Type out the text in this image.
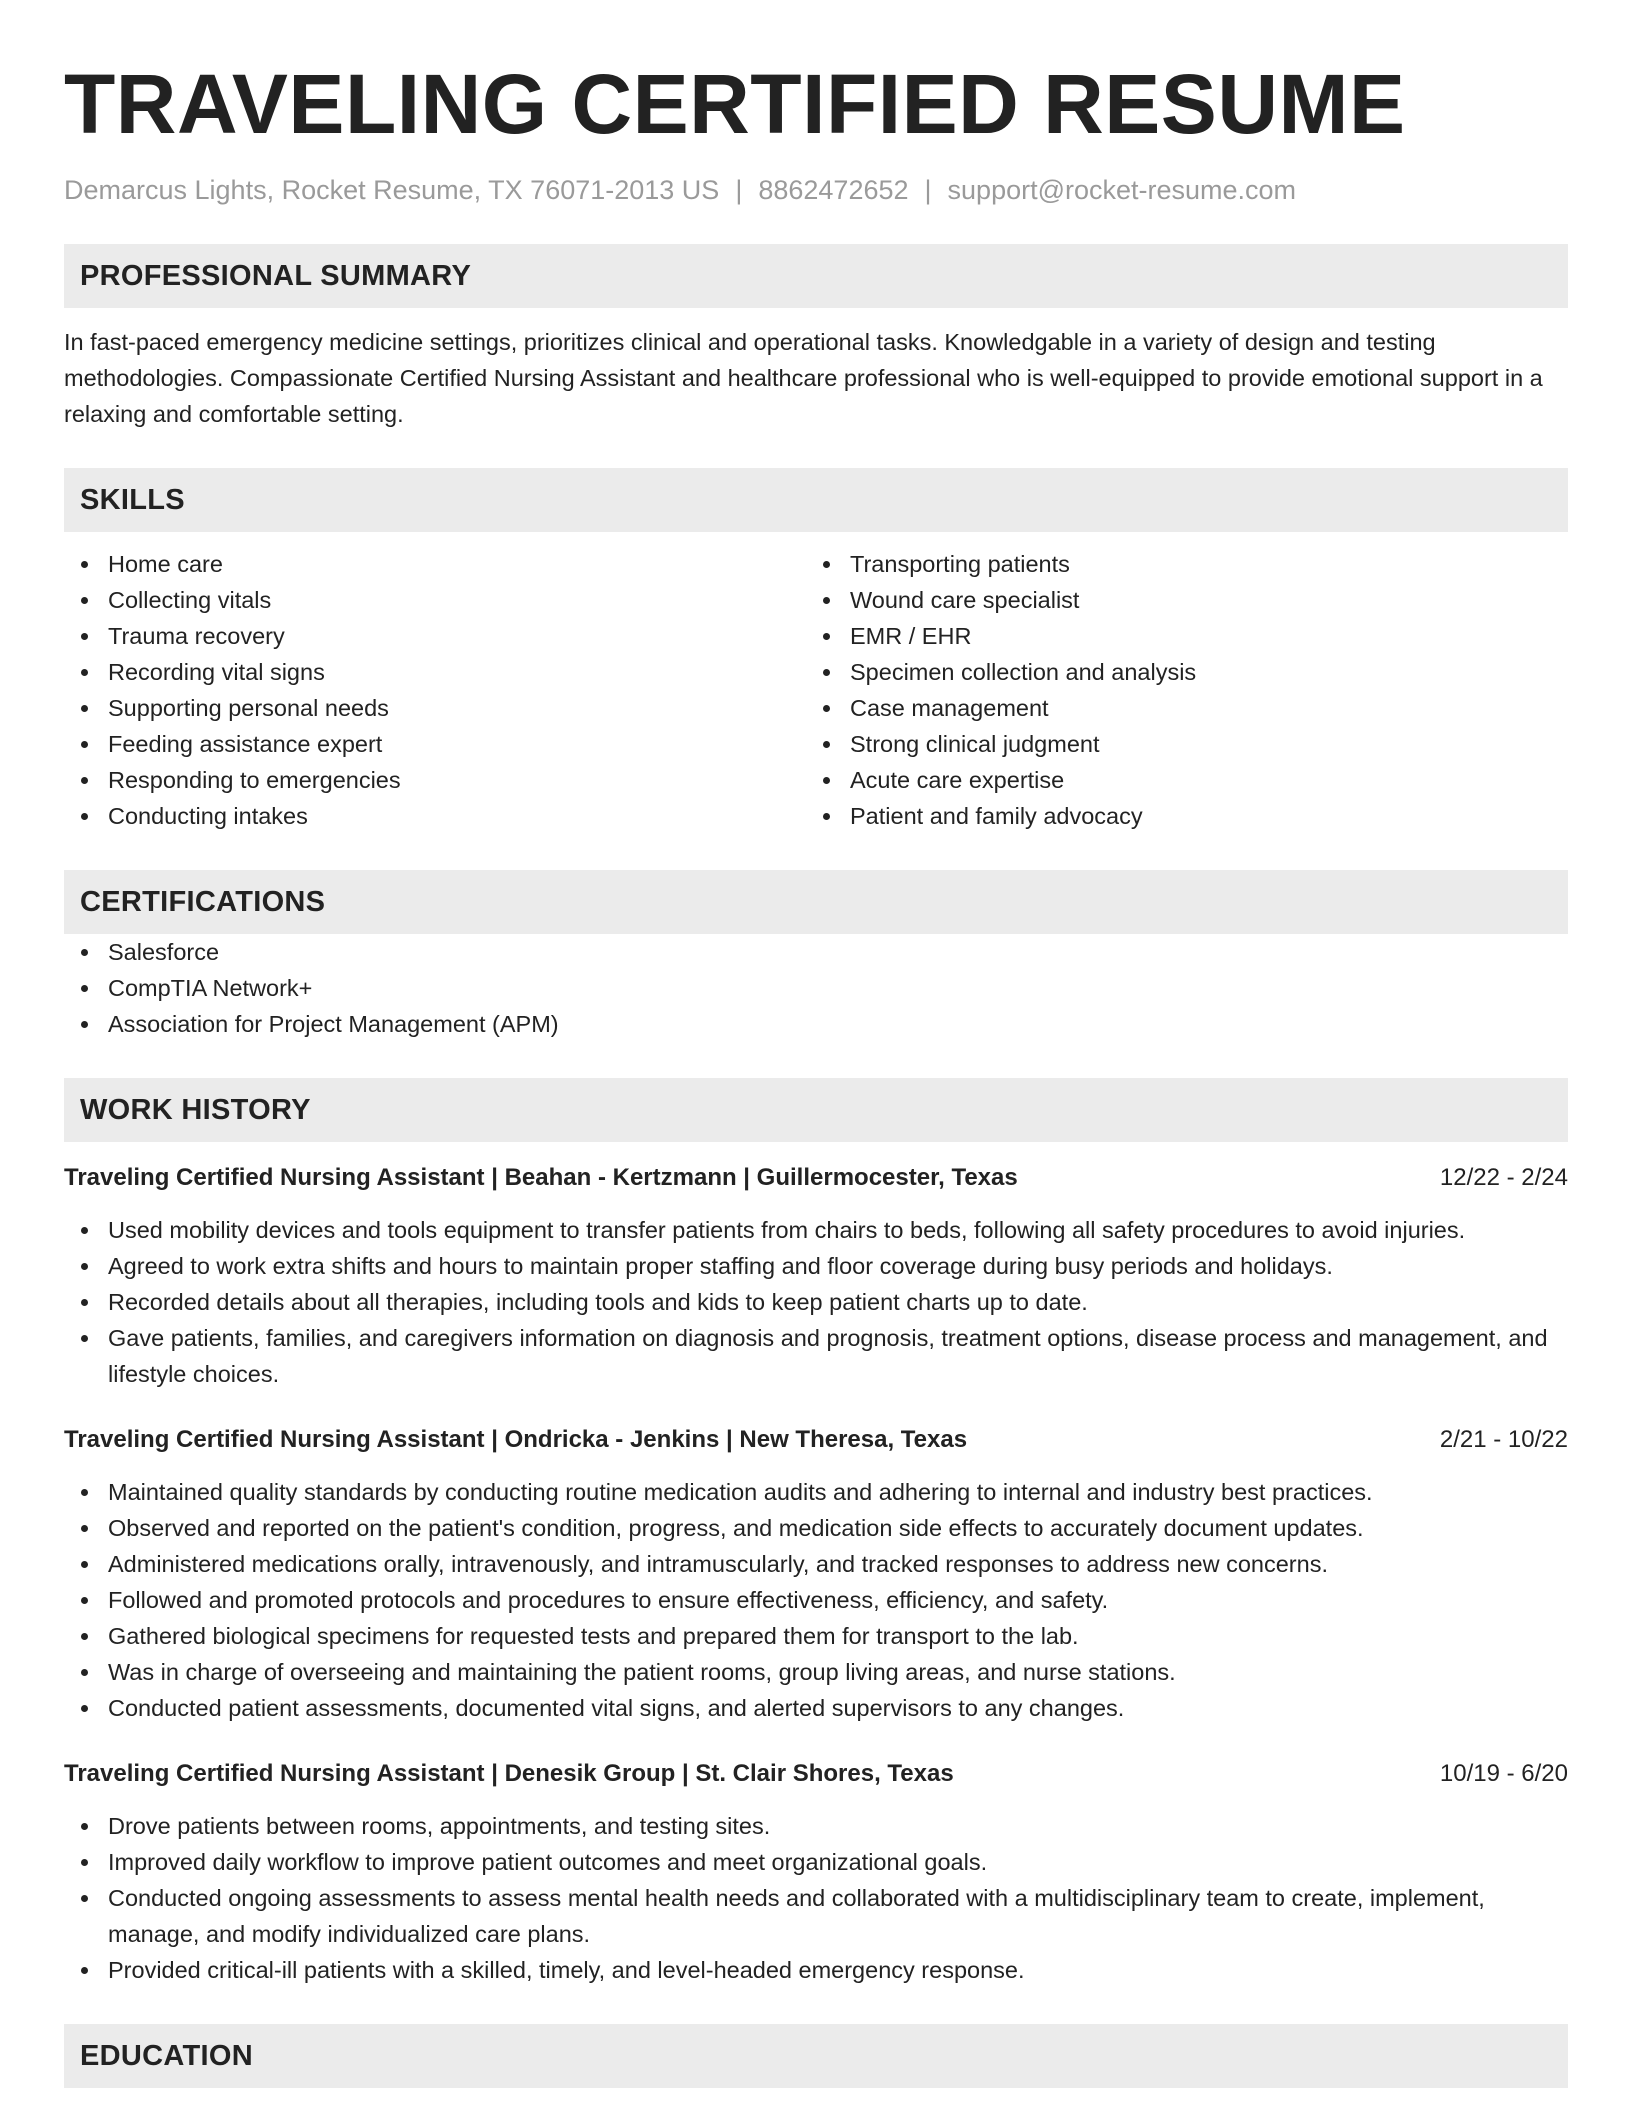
TRAVELING CERTIFIED RESUME
Demarcus Lights, Rocket Resume, TX 76071-2013 US | 8862472652 | support@rocket-resume.com
PROFESSIONAL SUMMARY
In fast-paced emergency medicine settings, prioritizes clinical and operational tasks. Knowledgable in a variety of design and testing methodologies. Compassionate Certified Nursing Assistant and healthcare professional who is well-equipped to provide emotional support in a relaxing and comfortable setting.
SKILLS
Home care
Collecting vitals
Trauma recovery
Recording vital signs
Supporting personal needs
Feeding assistance expert
Responding to emergencies
Conducting intakes
Transporting patients
Wound care specialist
EMR / EHR
Specimen collection and analysis
Case management
Strong clinical judgment
Acute care expertise
Patient and family advocacy
CERTIFICATIONS
Salesforce
CompTIA Network+
Association for Project Management (APM)
WORK HISTORY
Traveling Certified Nursing Assistant | Beahan - Kertzmann | Guillermocester, Texas	12/22 - 2/24
Used mobility devices and tools equipment to transfer patients from chairs to beds, following all safety procedures to avoid injuries.
Agreed to work extra shifts and hours to maintain proper staffing and floor coverage during busy periods and holidays.
Recorded details about all therapies, including tools and kids to keep patient charts up to date.
Gave patients, families, and caregivers information on diagnosis and prognosis, treatment options, disease process and management, and lifestyle choices.
Traveling Certified Nursing Assistant | Ondricka - Jenkins | New Theresa, Texas	2/21 - 10/22
Maintained quality standards by conducting routine medication audits and adhering to internal and industry best practices.
Observed and reported on the patient's condition, progress, and medication side effects to accurately document updates.
Administered medications orally, intravenously, and intramuscularly, and tracked responses to address new concerns.
Followed and promoted protocols and procedures to ensure effectiveness, efficiency, and safety.
Gathered biological specimens for requested tests and prepared them for transport to the lab.
Was in charge of overseeing and maintaining the patient rooms, group living areas, and nurse stations.
Conducted patient assessments, documented vital signs, and alerted supervisors to any changes.
Traveling Certified Nursing Assistant | Denesik Group | St. Clair Shores, Texas	10/19 - 6/20
Drove patients between rooms, appointments, and testing sites.
Improved daily workflow to improve patient outcomes and meet organizational goals.
Conducted ongoing assessments to assess mental health needs and collaborated with a multidisciplinary team to create, implement, manage, and modify individualized care plans.
Provided critical-ill patients with a skilled, timely, and level-headed emergency response.
EDUCATION
